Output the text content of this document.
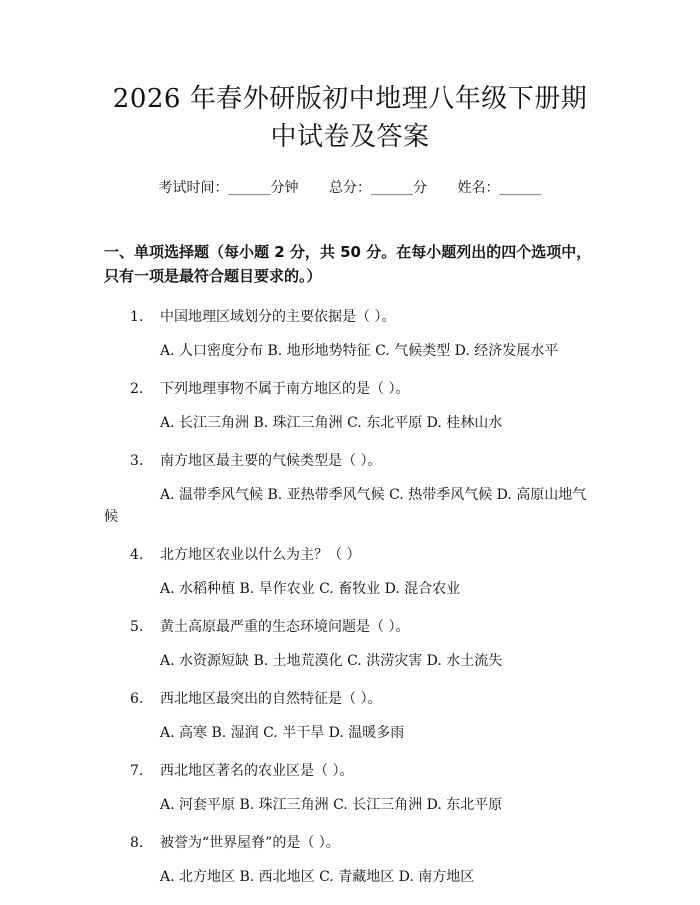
2026 年春外研版初中地理八年级下册期中试卷及答案
考试时间：______分钟 总分：______分 姓名：______
一、单项选择题（每小题 2 分，共 50 分。在每小题列出的四个选项中，只有一项是最符合题目要求的。）
1.	中国地理区域划分的主要依据是（ ）。
A. 人口密度分布 B. 地形地势特征 C. 气候类型 D. 经济发展水平
2.	下列地理事物不属于南方地区的是（ ）。
A. 长江三角洲 B. 珠江三角洲 C. 东北平原 D. 桂林山水
3.	南方地区最主要的气候类型是（ ）。
A. 温带季风气候 B. 亚热带季风气候 C. 热带季风气候 D. 高原山地气候
4.	北方地区农业以什么为主？（ ）
A. 水稻种植 B. 旱作农业 C. 畜牧业 D. 混合农业
5.	黄土高原最严重的生态环境问题是（ ）。
A. 水资源短缺 B. 土地荒漠化 C. 洪涝灾害 D. 水土流失
6.	西北地区最突出的自然特征是（ ）。
A. 高寒 B. 湿润 C. 半干旱 D. 温暖多雨
7.	西北地区著名的农业区是（ ）。
A. 河套平原 B. 珠江三角洲 C. 长江三角洲 D. 东北平原
8.	被誉为“世界屋脊”的是（ ）。
A. 北方地区 B. 西北地区 C. 青藏地区 D. 南方地区
